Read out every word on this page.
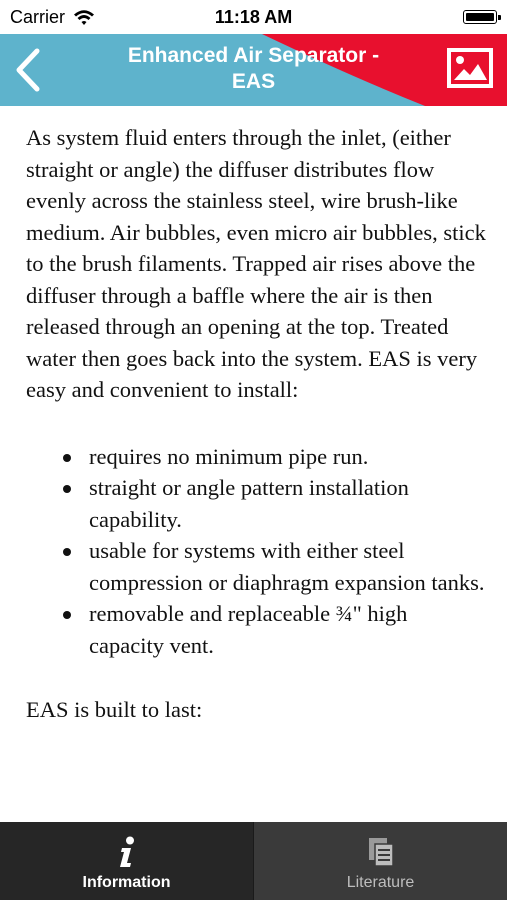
Carrier	11:18 AM
Enhanced Air Separator -
EAS

As system fluid enters through the inlet, (either straight or angle) the diffuser distributes flow evenly across the stainless steel, wire brush-like medium. Air bubbles, even micro air bubbles, stick to the brush filaments. Trapped air rises above the diffuser through a baffle where the air is then released through an opening at the top. Treated water then goes back into the system. EAS is very easy and convenient to install:

requires no minimum pipe run.
straight or angle pattern installation capability.
usable for systems with either steel compression or diaphragm expansion tanks.
removable and replaceable ¾" high capacity vent.

EAS is built to last:

Information	Literature
